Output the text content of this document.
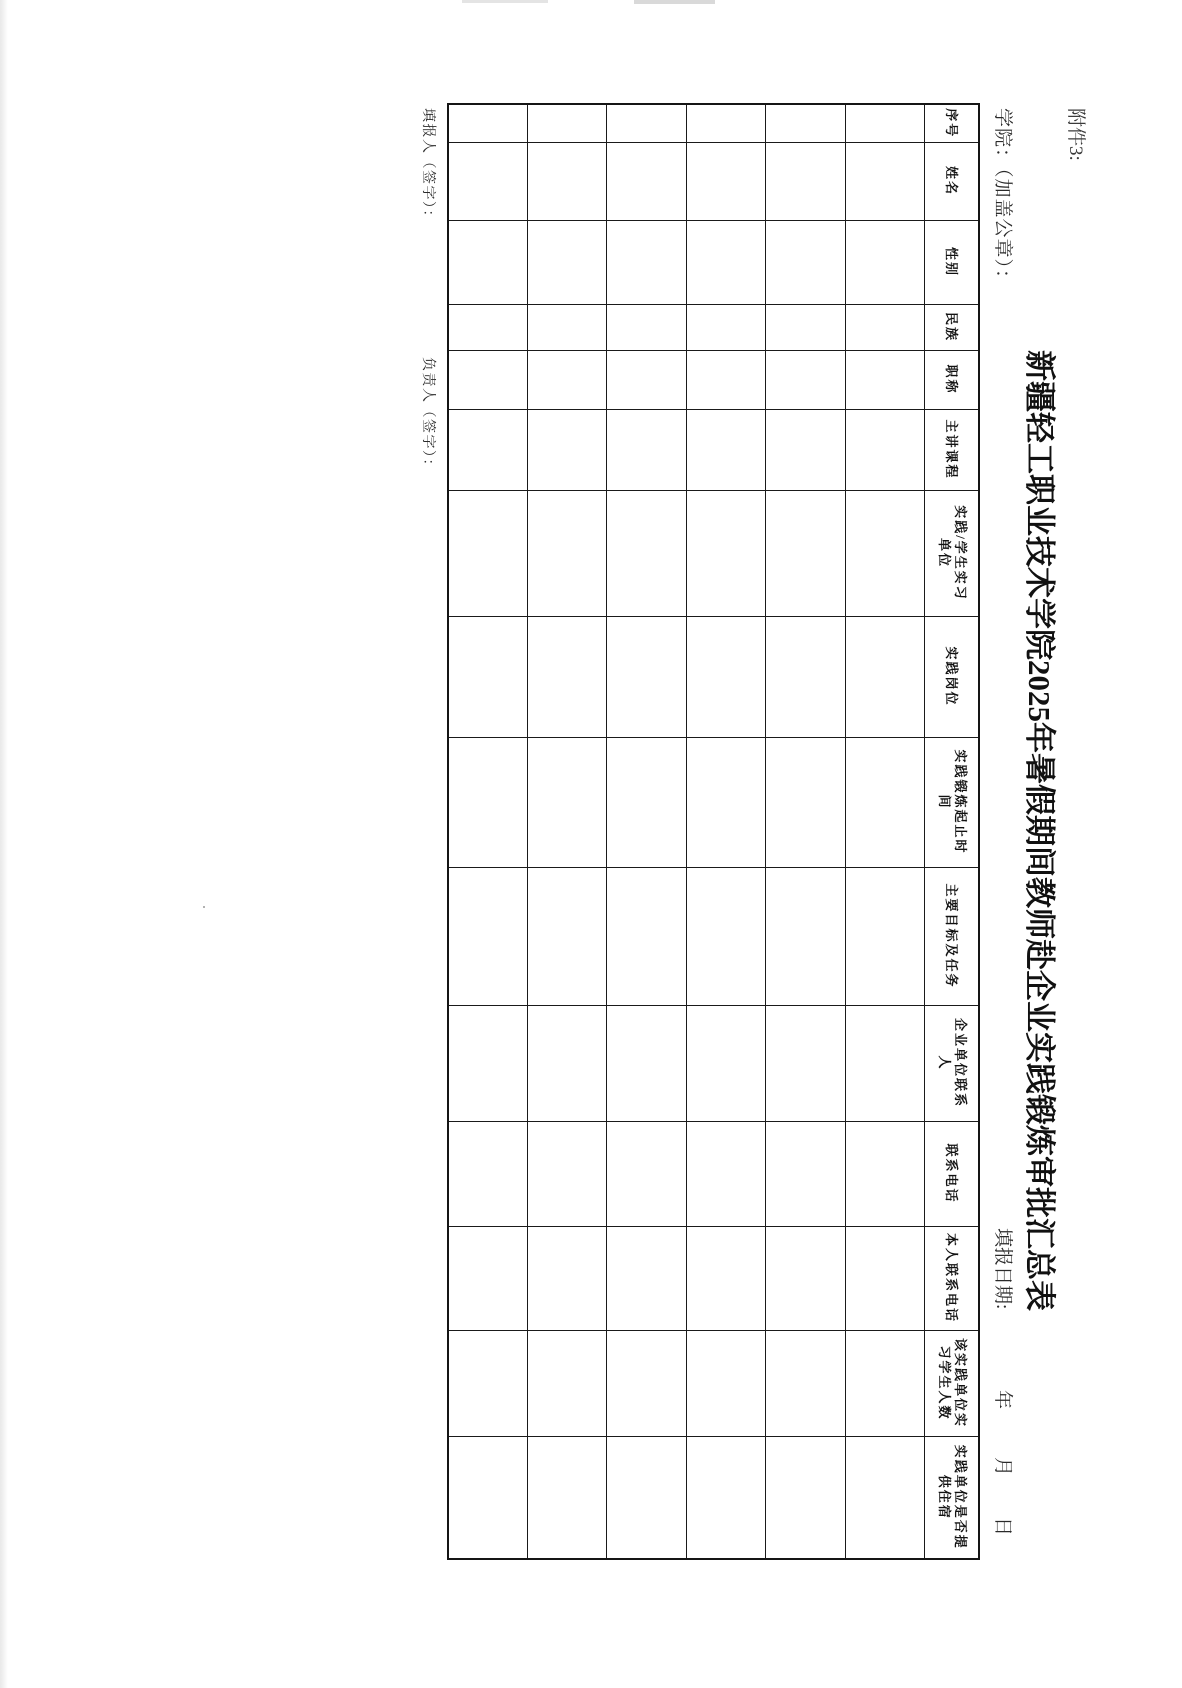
附件3:
新疆轻工职业技术学院2025年暑假期间教师赴企业实践锻炼审批汇总表
学院：（加盖公章）：
填报日期:
年
月
日
序号	姓名	性别	民族	职称	主讲课程	实践/学生实习单位	实践岗位	实践锻炼起止时间	主要目标及任务	企业单位联系人	联系电话	本人联系电话	该实践单位实习学生人数	实践单位是否提供住宿

填报人（签字）：
负责人（签字）：
